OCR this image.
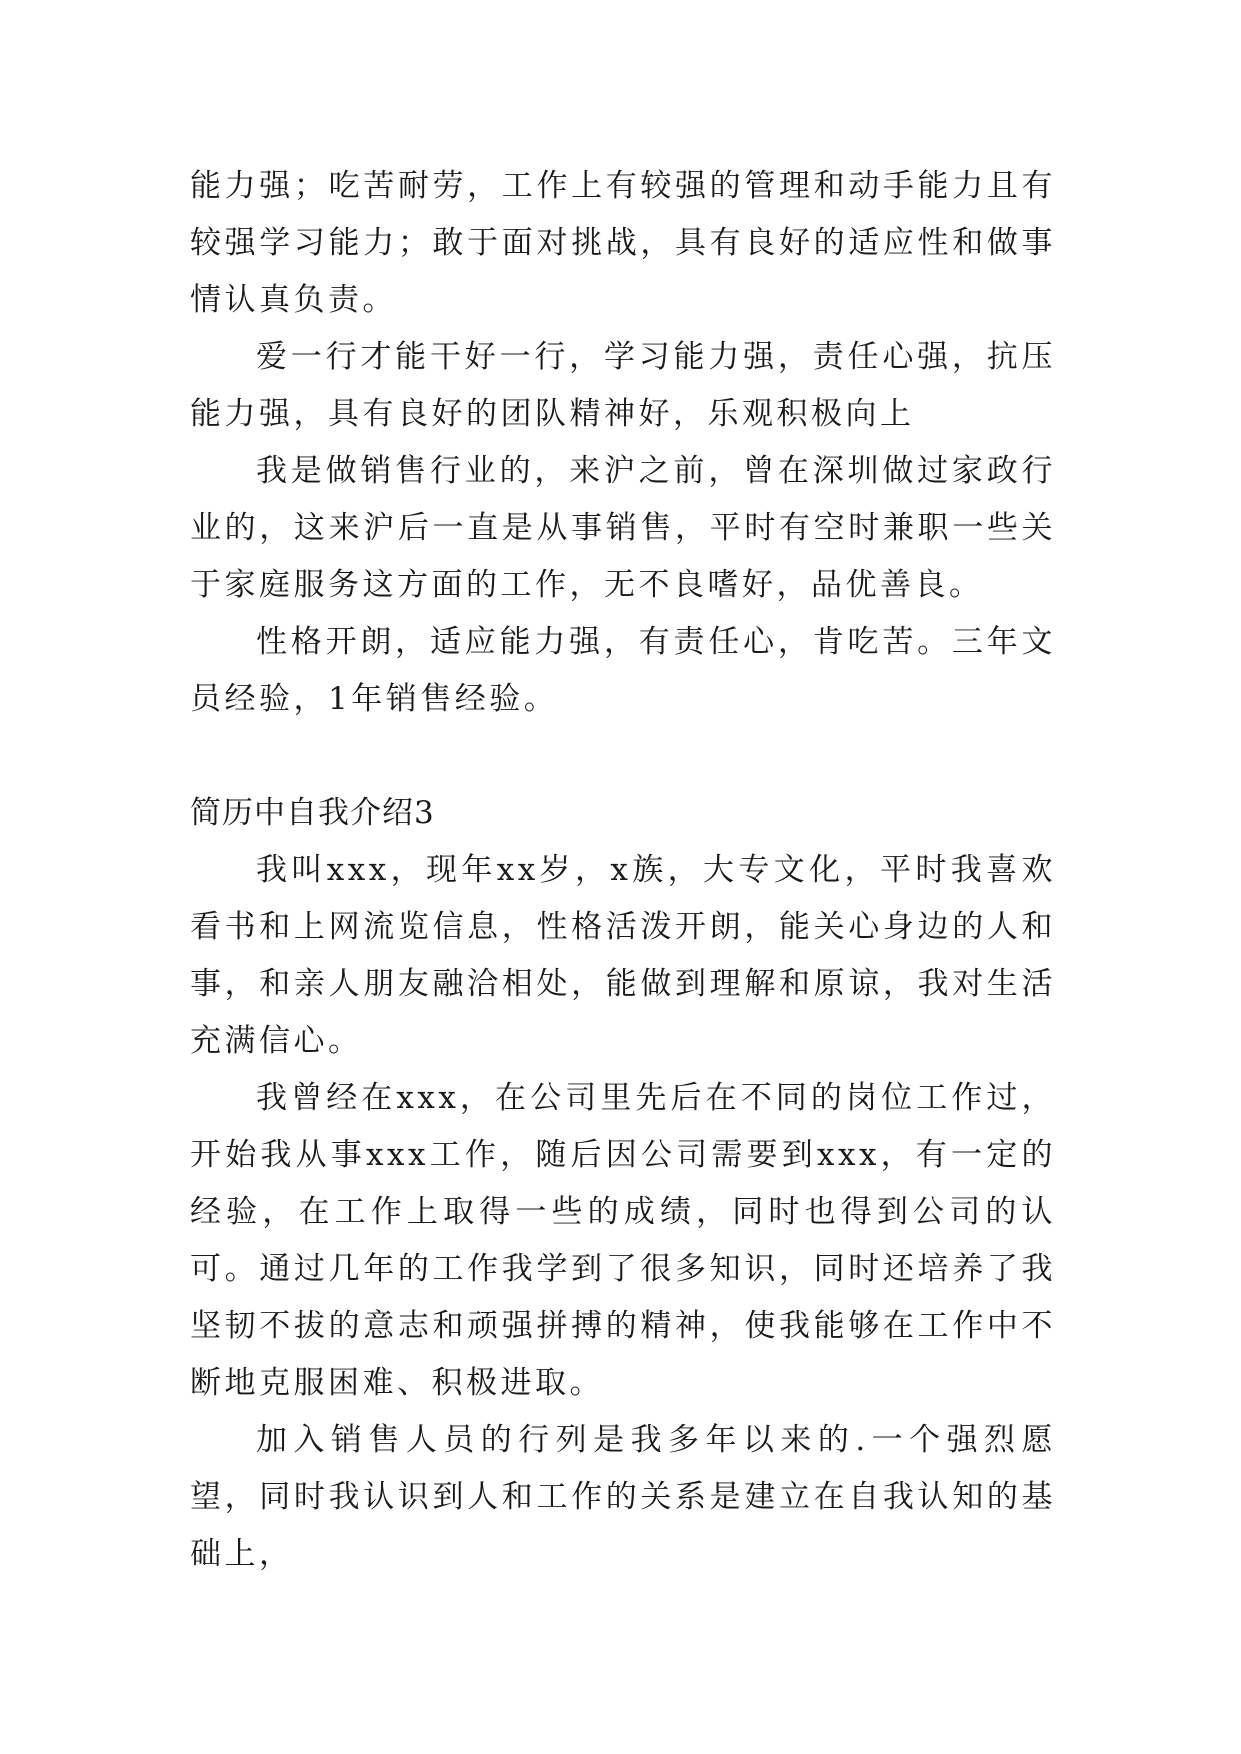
能力强；吃苦耐劳，工作上有较强的管理和动手能力且有较强学习能力；敢于面对挑战，具有良好的适应性和做事情认真负责。

爱一行才能干好一行，学习能力强，责任心强，抗压能力强，具有良好的团队精神好，乐观积极向上

我是做销售行业的，来沪之前，曾在深圳做过家政行业的，这来沪后一直是从事销售，平时有空时兼职一些关于家庭服务这方面的工作，无不良嗜好，品优善良。

性格开朗，适应能力强，有责任心，肯吃苦。三年文员经验，1年销售经验。

简历中自我介绍3

我叫xxx，现年xx岁，x族，大专文化，平时我喜欢看书和上网流览信息，性格活泼开朗，能关心身边的人和事，和亲人朋友融洽相处，能做到理解和原谅，我对生活充满信心。

我曾经在xxx，在公司里先后在不同的岗位工作过，开始我从事xxx工作，随后因公司需要到xxx，有一定的经验，在工作上取得一些的成绩，同时也得到公司的认可。通过几年的工作我学到了很多知识，同时还培养了我坚韧不拔的意志和顽强拼搏的精神，使我能够在工作中不断地克服困难、积极进取。

加入销售人员的行列是我多年以来的.一个强烈愿望，同时我认识到人和工作的关系是建立在自我认知的基础上，
